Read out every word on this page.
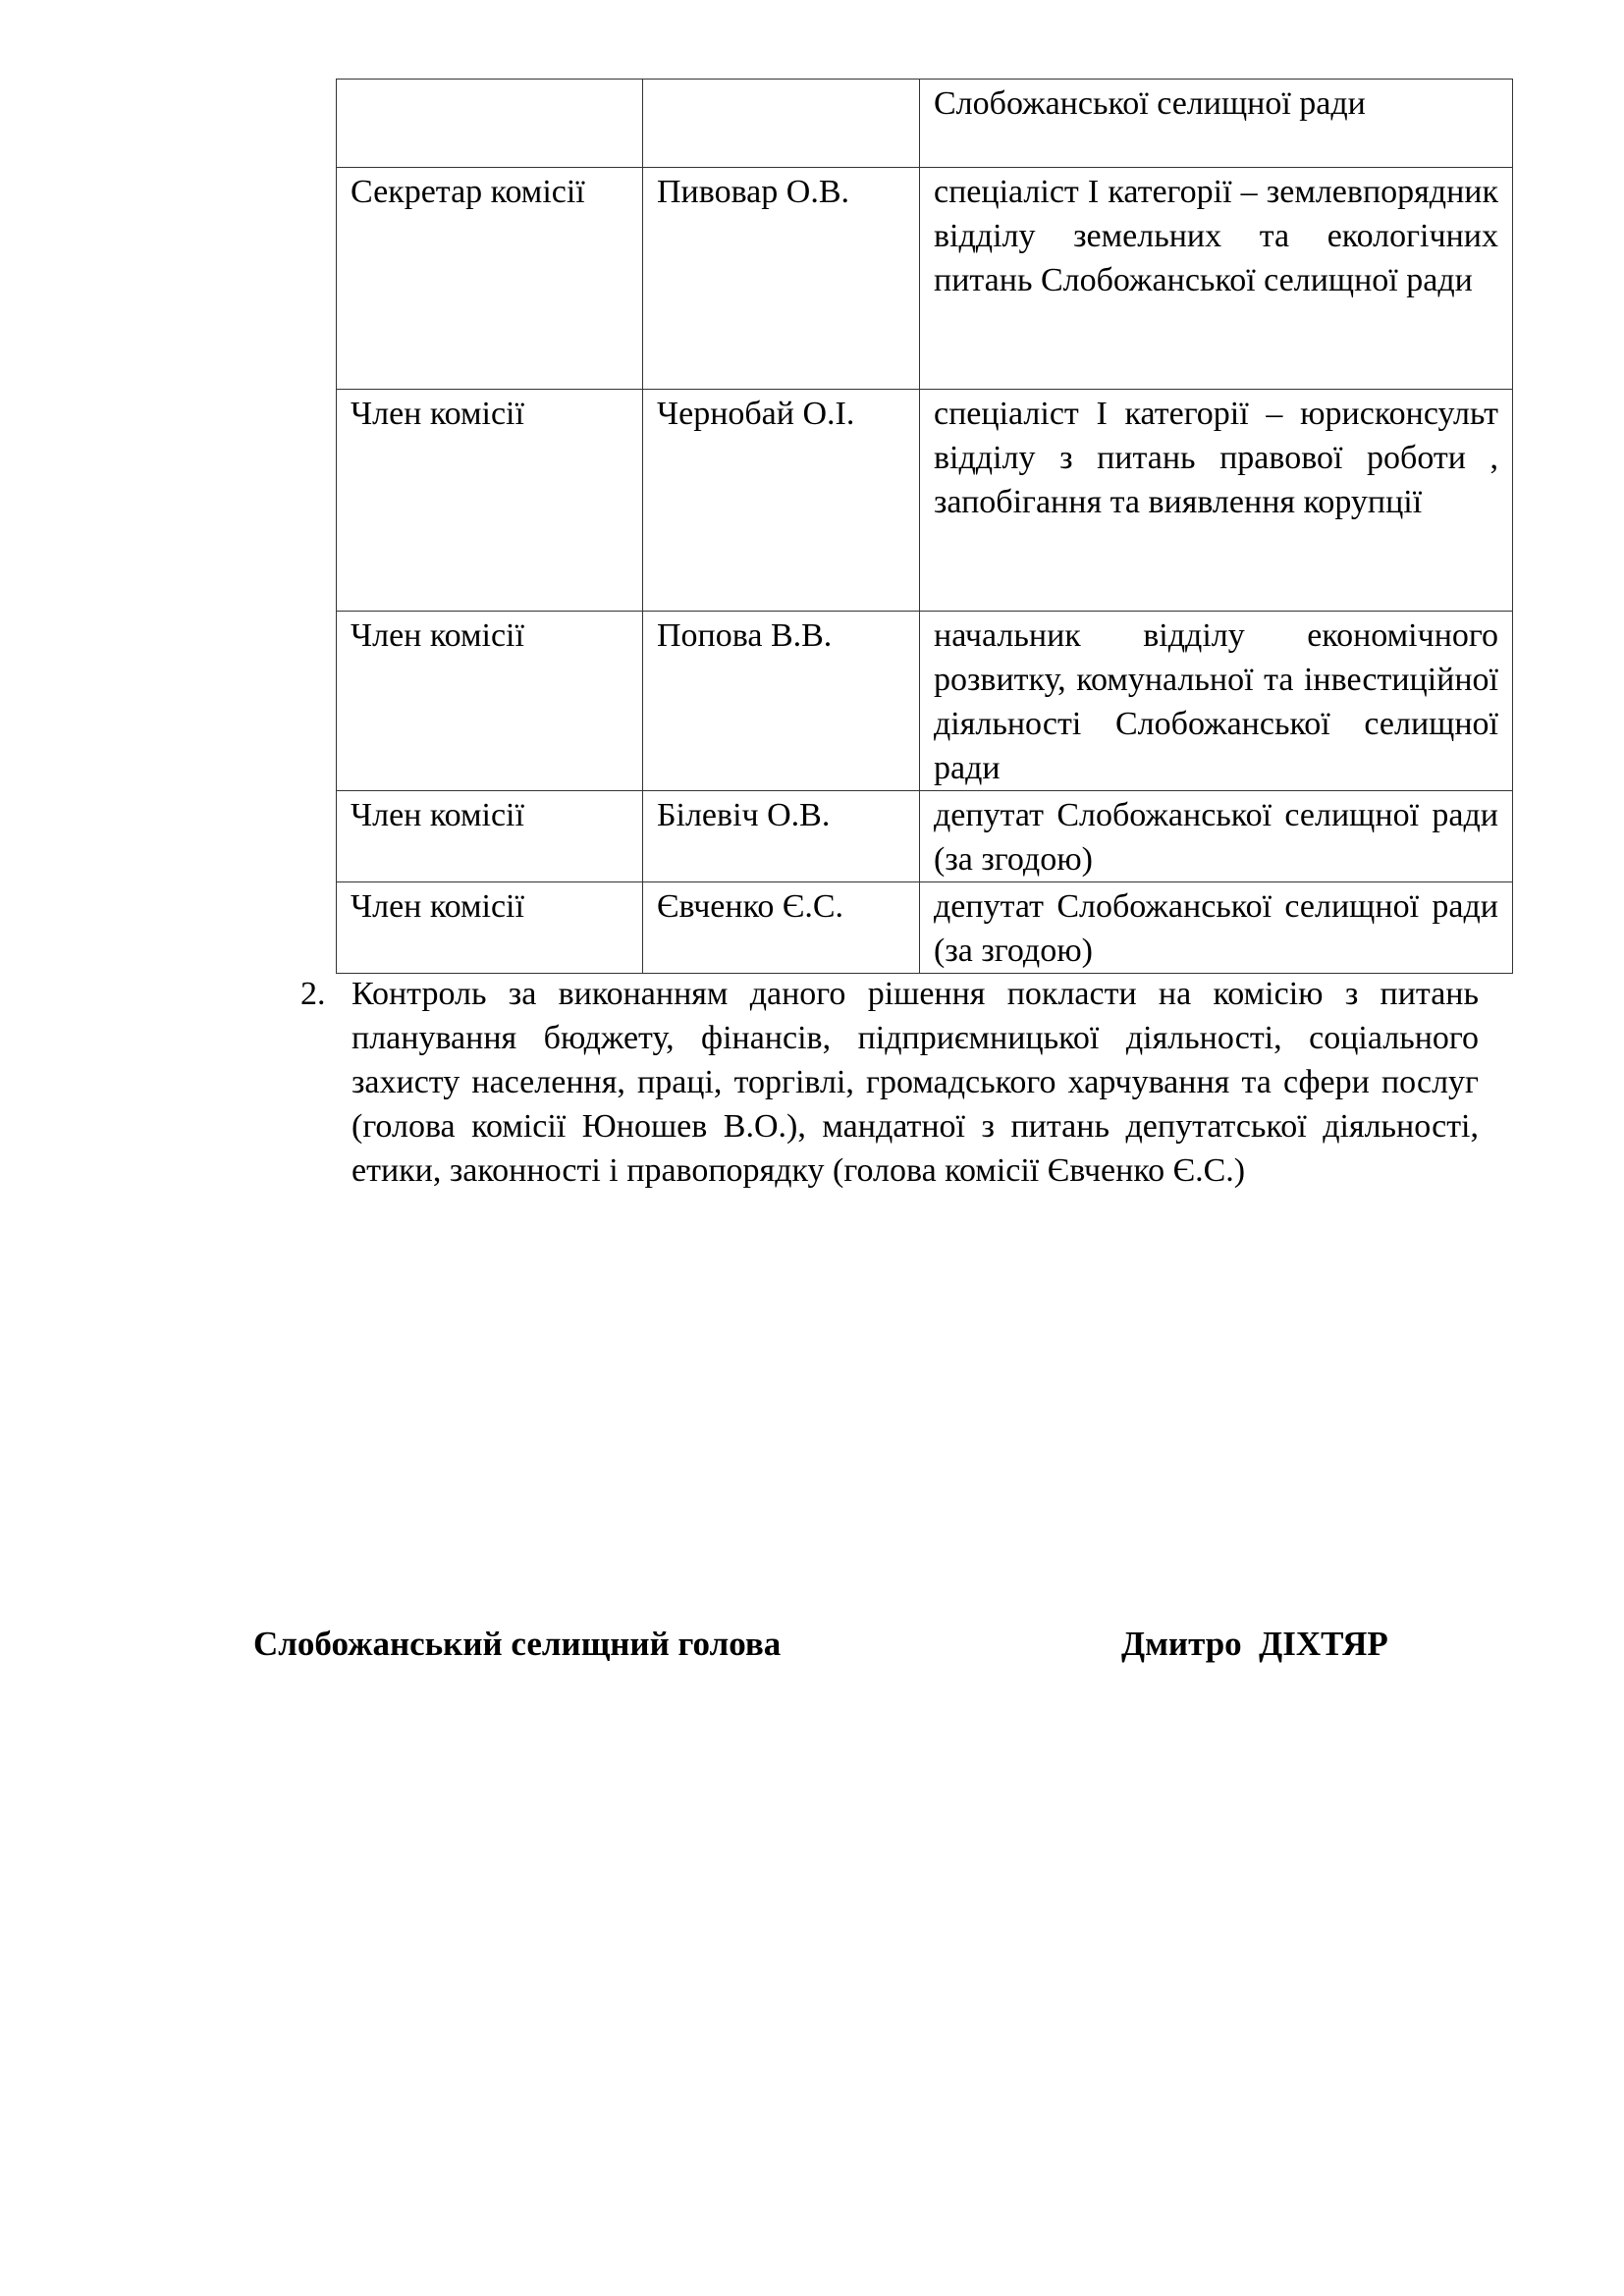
		Слобожанської селищної ради
Секретар комісії	Пивовар О.В.	спеціаліст І категорії – землевпорядник відділу земельних та екологічних питань Слобожанської селищної ради
Член комісії	Чернобай О.І.	спеціаліст І категорії – юрисконсульт відділу з питань правової роботи , запобігання та виявлення корупції
Член комісії	Попова В.В.	начальник відділу економічного розвитку, комунальної та інвестиційної діяльності Слобожанської селищної ради
Член комісії	Білевіч О.В.	депутат Слобожанської селищної ради (за згодою)
Член комісії	Євченко Є.С.	депутат Слобожанської селищної ради (за згодою)
2. Контроль за виконанням даного рішення покласти на комісію з питань планування бюджету, фінансів, підприємницької діяльності, соціального захисту населення, праці, торгівлі, громадського харчування та сфери послуг (голова комісії Юношев В.О.), мандатної з питань депутатської діяльності, етики, законності і правопорядку (голова комісії Євченко Є.С.)
Слобожанський селищний голова	Дмитро  ДІХТЯР
